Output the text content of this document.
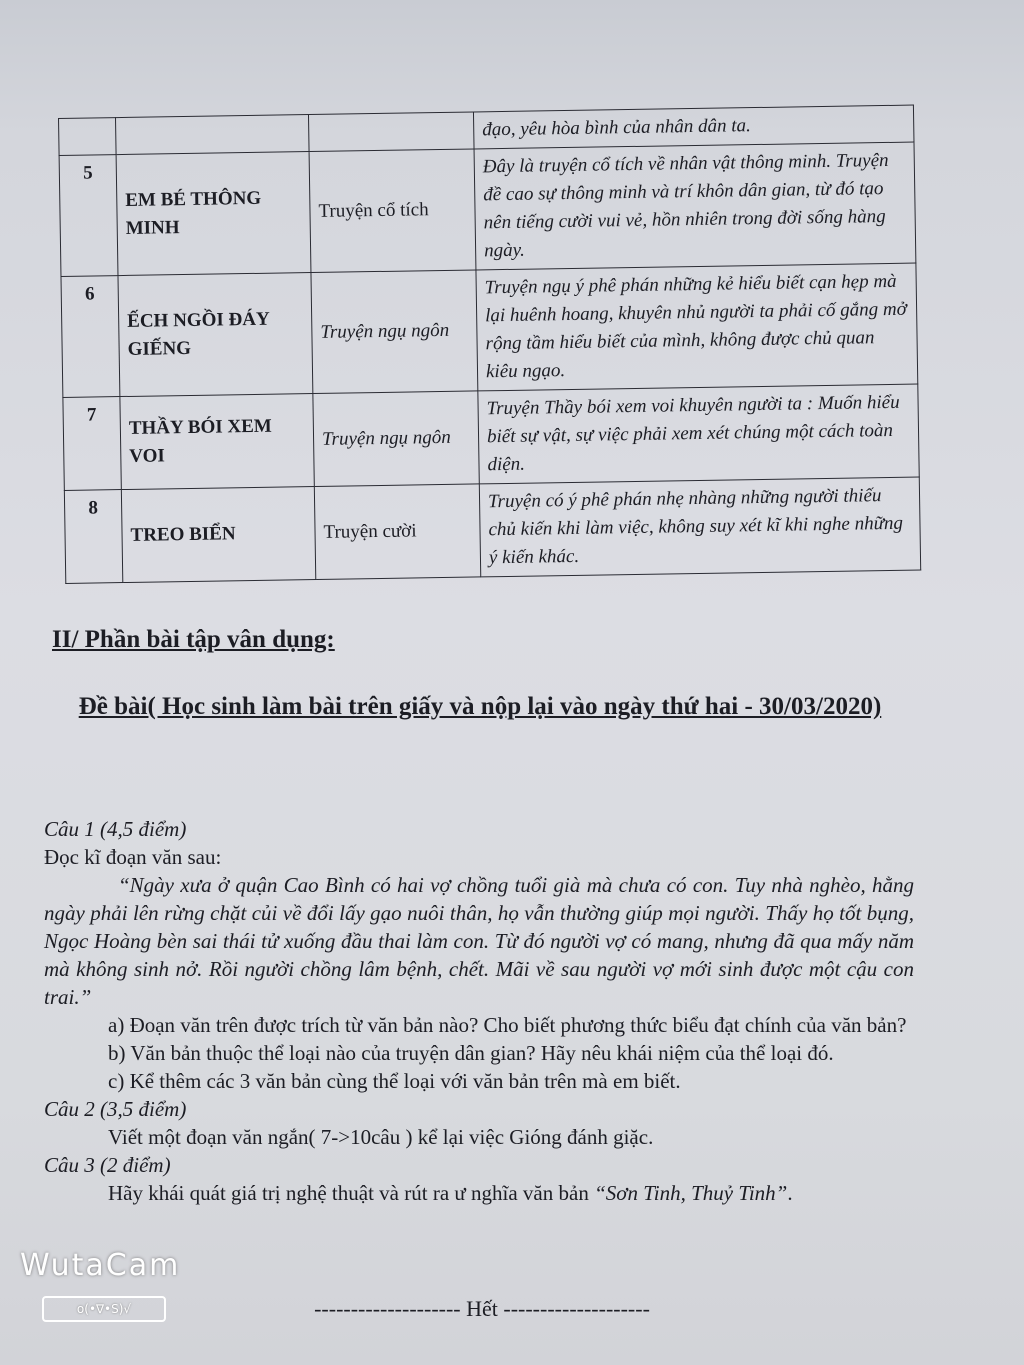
			đạo, yêu hòa bình của nhân dân ta.
5	EM BÉ THÔNG MINH	Truyện cổ tích	Đây là truyện cổ tích về nhân vật thông minh. Truyện đề cao sự thông minh và trí khôn dân gian, từ đó tạo nên tiếng cười vui vẻ, hồn nhiên trong đời sống hàng ngày.
6	ẾCH NGỒI ĐÁY GIẾNG	Truyện ngụ ngôn	Truyện ngụ ý phê phán những kẻ hiểu biết cạn hẹp mà lại huênh hoang, khuyên nhủ người ta phải cố gắng mở rộng tầm hiểu biết của mình, không được chủ quan kiêu ngạo.
7	THẦY BÓI XEM VOI	Truyện ngụ ngôn	Truyện Thầy bói xem voi khuyên người ta : Muốn hiểu biết sự vật, sự việc phải xem xét chúng một cách toàn diện.
8	TREO BIỂN	Truyện cười	Truyện có ý phê phán nhẹ nhàng những người thiếu chủ kiến khi làm việc, không suy xét kĩ khi nghe những ý kiến khác.
II/ Phần bài tập vân dụng:
Đề bài( Học sinh làm bài trên giấy và nộp lại vào ngày thứ hai - 30/03/2020)
Câu 1 (4,5 điểm)
Đọc kĩ đoạn văn sau:
“Ngày xưa ở quận Cao Bình có hai vợ chồng tuổi già mà chưa có con. Tuy nhà nghèo, hằng ngày phải lên rừng chặt củi về đổi lấy gạo nuôi thân, họ vẫn thường giúp mọi người. Thấy họ tốt bụng, Ngọc Hoàng bèn sai thái tử xuống đầu thai làm con. Từ đó người vợ có mang, nhưng đã qua mấy năm mà không sinh nở. Rồi người chồng lâm bệnh, chết. Mãi về sau người vợ mới sinh được một cậu con trai.”
a) Đoạn văn trên được trích từ văn bản nào? Cho biết phương thức biểu đạt chính của văn bản?
b) Văn bản thuộc thể loại nào của truyện dân gian? Hãy nêu khái niệm của thể loại đó.
c) Kể thêm các 3 văn bản cùng thể loại với văn bản trên mà em biết.
Câu 2 (3,5 điểm)
Viết một đoạn văn ngắn( 7->10câu ) kể lại việc Gióng đánh giặc.
Câu 3 (2 điểm)
Hãy khái quát giá trị nghệ thuật và rút ra ư nghĩa văn bản “Sơn Tinh, Thuỷ Tinh”.
-------------------- Hết --------------------
WutaCam
o(•∇•S)√
